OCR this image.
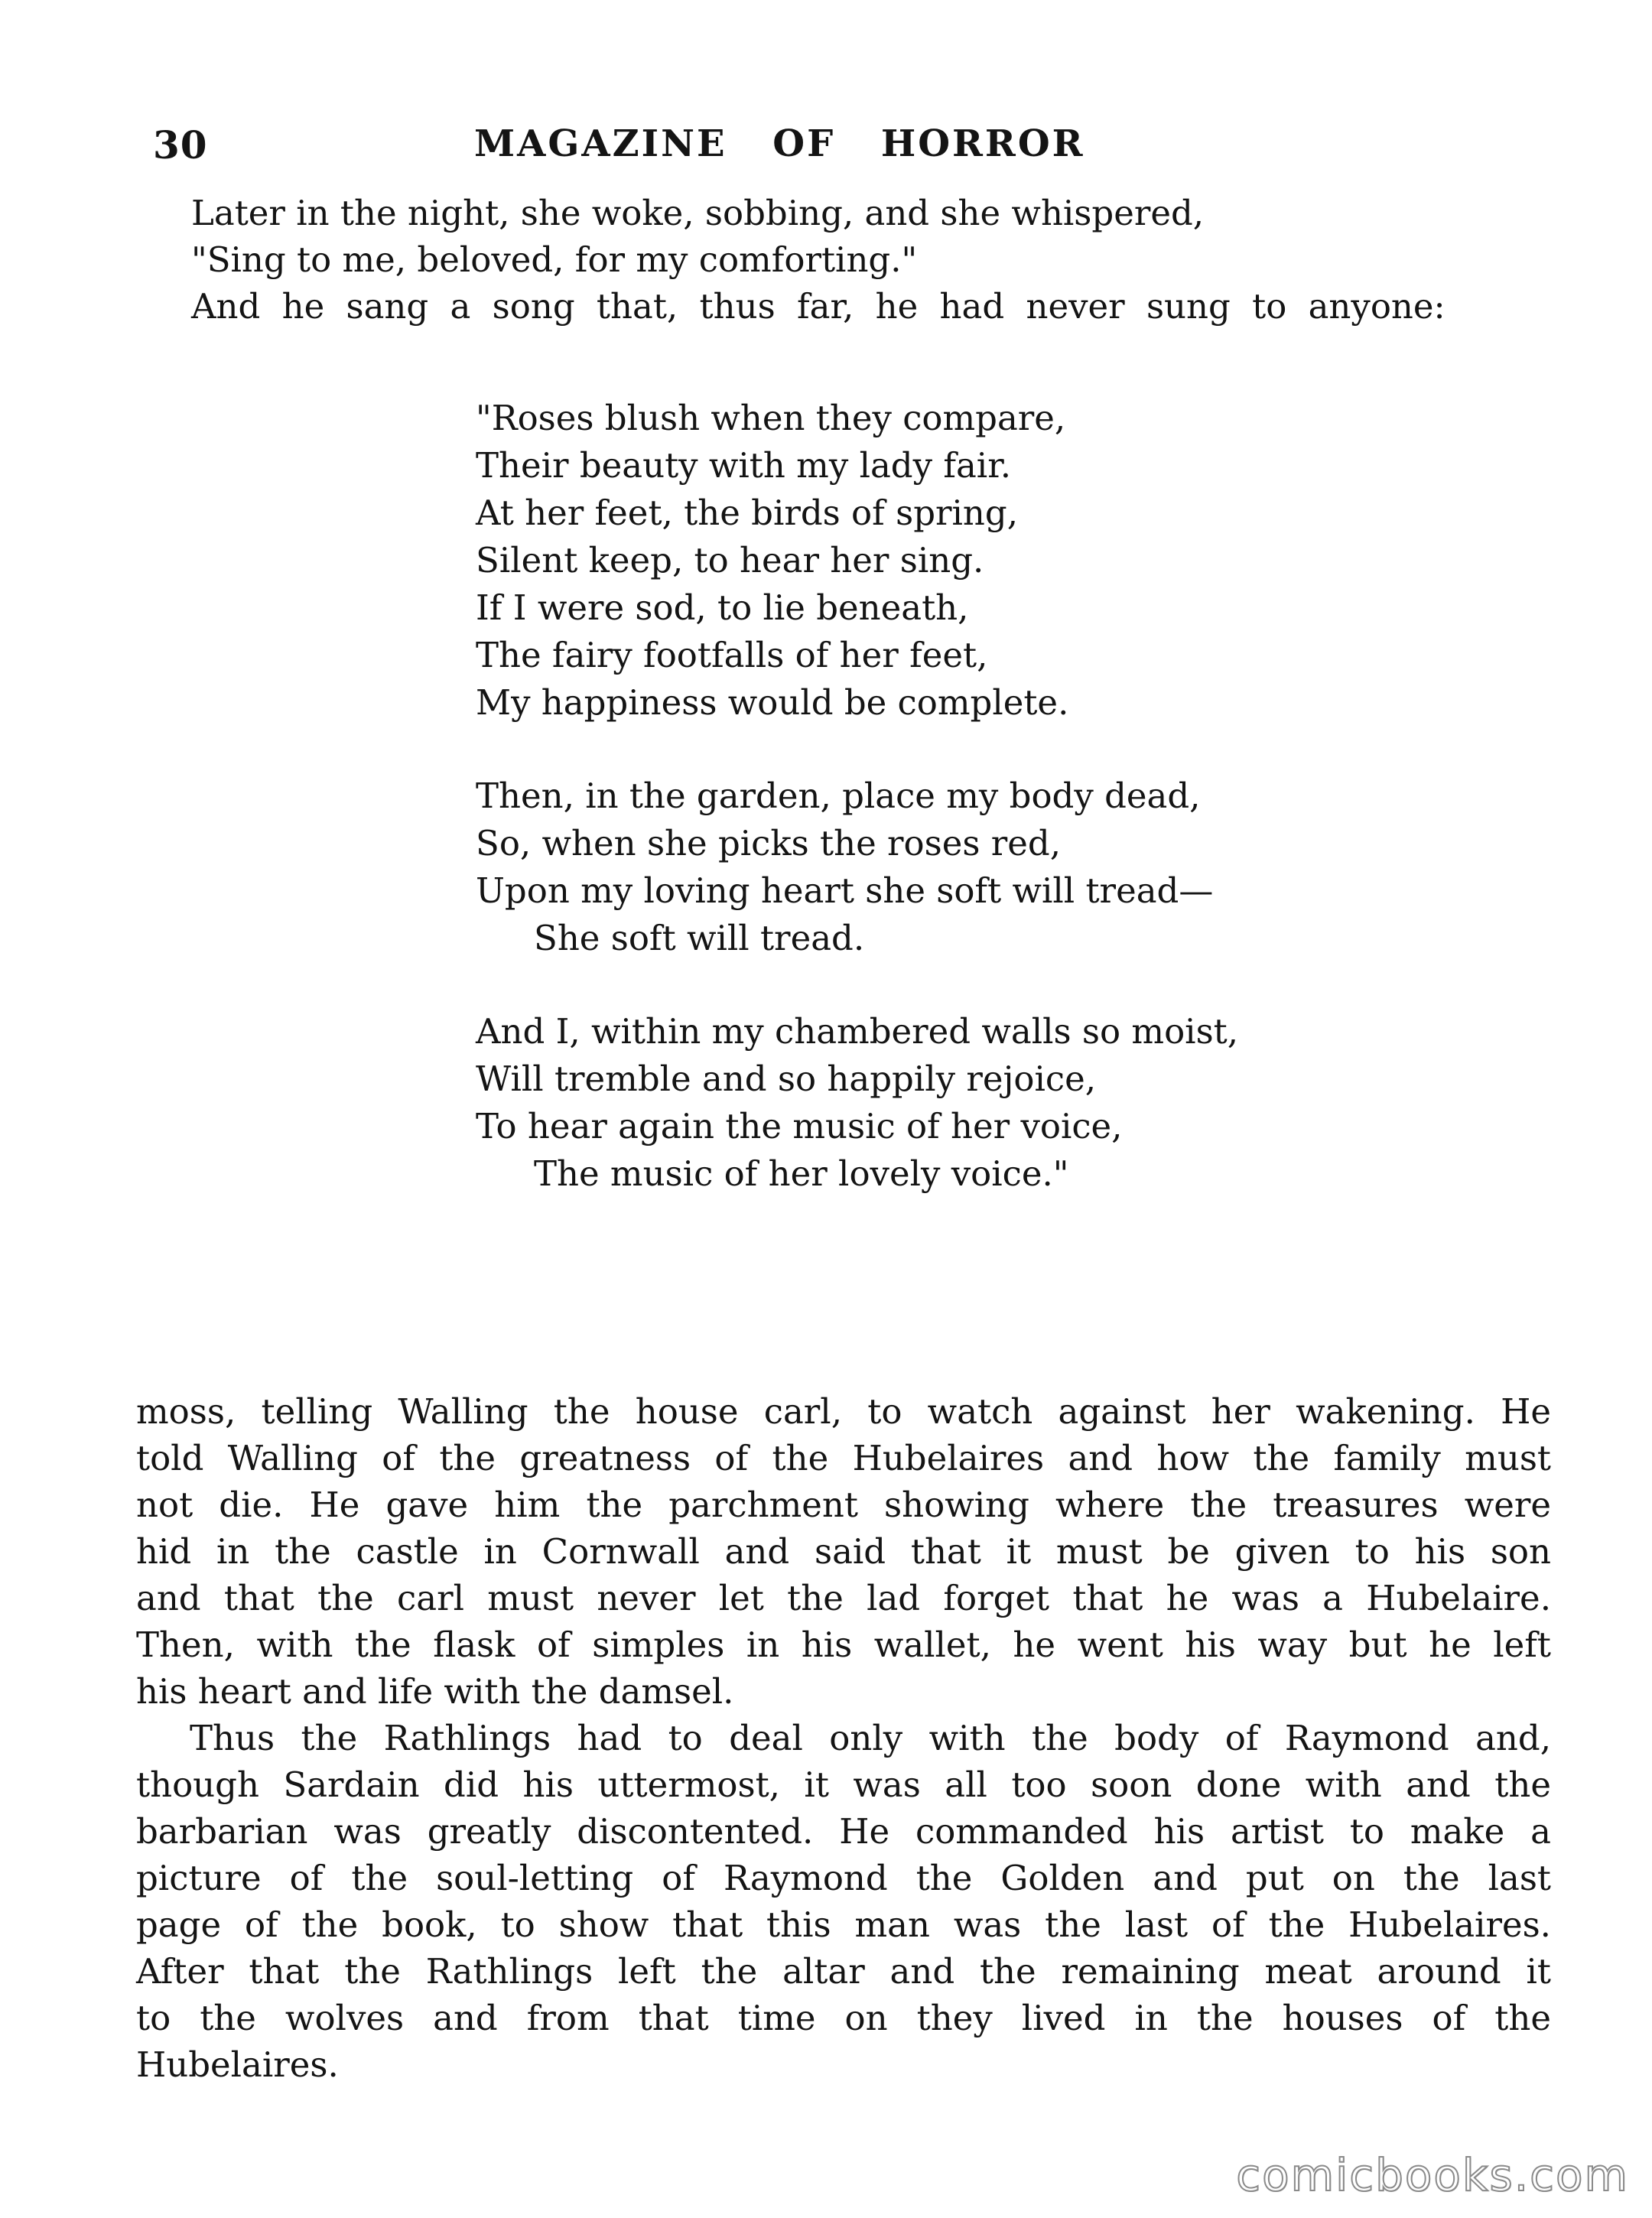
30	MAGAZINE OF HORROR
Later in the night, she woke, sobbing, and she whispered,
"Sing to me, beloved, for my comforting."
And he sang a song that, thus far, he had never sung to anyone:
"Roses blush when they compare,
Their beauty with my lady fair.
At her feet, the birds of spring,
Silent keep, to hear her sing.
If I were sod, to lie beneath,
The fairy footfalls of her feet,
My happiness would be complete.
Then, in the garden, place my body dead,
So, when she picks the roses red,
Upon my loving heart she soft will tread—
She soft will tread.
And I, within my chambered walls so moist,
Will tremble and so happily rejoice,
To hear again the music of her voice,
The music of her lovely voice."
moss, telling Walling the house carl, to watch against her wakening. He
told Walling of the greatness of the Hubelaires and how the family must
not die. He gave him the parchment showing where the treasures were
hid in the castle in Cornwall and said that it must be given to his son
and that the carl must never let the lad forget that he was a Hubelaire.
Then, with the flask of simples in his wallet, he went his way but he left
his heart and life with the damsel.
Thus the Rathlings had to deal only with the body of Raymond and,
though Sardain did his uttermost, it was all too soon done with and the
barbarian was greatly discontented. He commanded his artist to make a
picture of the soul-letting of Raymond the Golden and put on the last
page of the book, to show that this man was the last of the Hubelaires.
After that the Rathlings left the altar and the remaining meat around it
to the wolves and from that time on they lived in the houses of the
Hubelaires.
comicbooks.com
